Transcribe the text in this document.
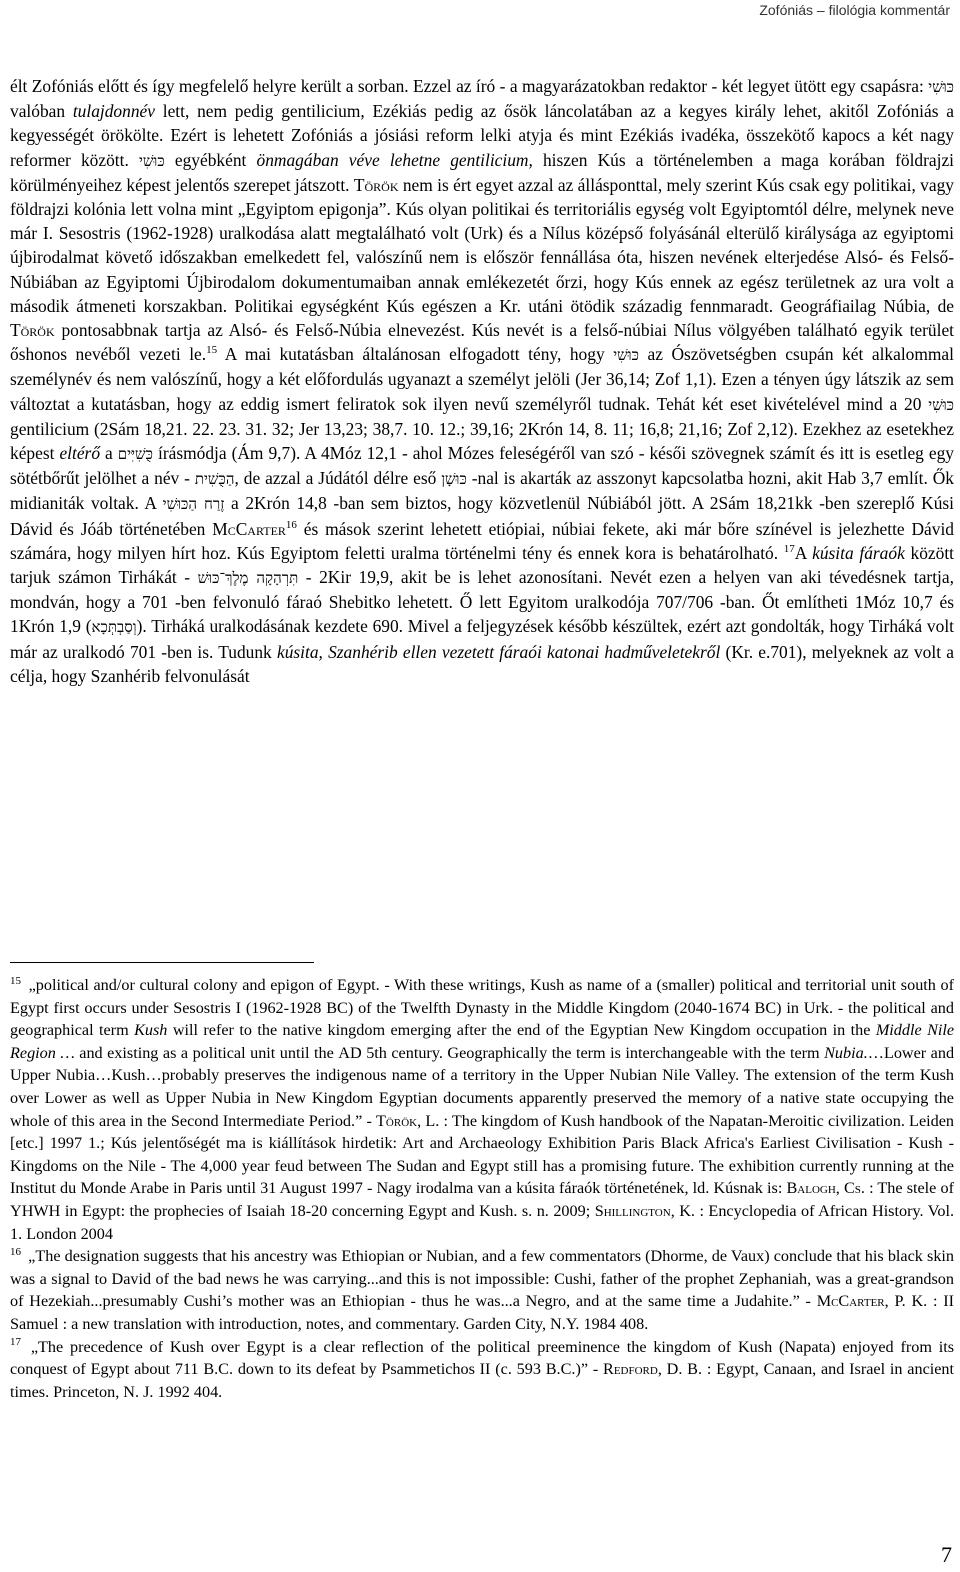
Zofóniás – filológia kommentár

élt Zofóniás előtt és így megfelelő helyre került a sorban. Ezzel az író - a magyarázatokban redaktor - két legyet ütött egy csapásra: כּוּשִׁי valóban tulajdonnév lett, nem pedig gentilicium, Ezékiás pedig az ősök láncolatában az a kegyes király lehet, akitől Zofóniás a kegyességét örökölte. Ezért is lehetett Zofóniás a jósiási reform lelki atyja és mint Ezékiás ivadéka, összekötő kapocs a két nagy reformer között. כּוּשִׁי egyébként önmagában véve lehetne gentilicium, hiszen Kús a történelemben a maga korában földrajzi körülményeihez képest jelentős szerepet játszott. Török nem is ért egyet azzal az állásponttal, mely szerint Kús csak egy politikai, vagy földrajzi kolónia lett volna mint „Egyiptom epigonja”. Kús olyan politikai és territoriális egység volt Egyiptomtól délre, melynek neve már I. Sesostris (1962-1928) uralkodása alatt megtalálható volt (Urk) és a Nílus középső folyásánál elterülő királysága az egyiptomi újbirodalmat követő időszakban emelkedett fel, valószínű nem is először fennállása óta, hiszen nevének elterjedése Alsó- és Felső-Núbiában az Egyiptomi Újbirodalom dokumentumaiban annak emlékezetét őrzi, hogy Kús ennek az egész területnek az ura volt a második átmeneti korszakban. Politikai egységként Kús egészen a Kr. utáni ötödik századig fennmaradt. Geográfiailag Núbia, de Török pontosabbnak tartja az Alsó- és Felső-Núbia elnevezést. Kús nevét is a felső-núbiai Nílus völgyében található egyik terület őshonos nevéből vezeti le.$^{15}$ A mai kutatásban általánosan elfogadott tény, hogy כּוּשִׁי az Ószövetségben csupán két alkalommal személynév és nem valószínű, hogy a két előfordulás ugyanazt a személyt jelöli (Jer 36,14; Zof 1,1). Ezen a tényen úgy látszik az sem változtat a kutatásban, hogy az eddig ismert feliratok sok ilyen nevű személyről tudnak. Tehát két eset kivételével mind a 20 כּוּשִׁי gentilicium (2Sám 18,21. 22. 23. 31. 32; Jer 13,23; 38,7. 10. 12.; 39,16; 2Krón 14, 8. 11; 16,8; 21,16; Zof 2,12). Ezekhez az esetekhez képest eltérő a כֻּשִׁיִּים írásmódja (Ám 9,7). A 4Móz 12,1 - ahol Mózes feleségéről van szó - késői szövegnek számít és itt is esetleg egy sötétbőrűt jelölhet a név - הַכֻּשִׁית, de azzal a Júdától délre eső כּוּשָׁן -nal is akarták az asszonyt kapcsolatba hozni, akit Hab 3,7 említ. Ők midianiták voltak. A זֶרַח הַכּוּשִׁי a 2Krón 14,8 -ban sem biztos, hogy közvetlenül Núbiából jött. A 2Sám 18,21kk -ben szereplő Kúsi Dávid és Jóáb történetében McCarter$^{16}$ és mások szerint lehetett etiópiai, núbiai fekete, aki már bőre színével is jelezhette Dávid számára, hogy milyen hírt hoz. Kús Egyiptom feletti uralma történelmi tény és ennek kora is behatárolható. $^{17}$A kúsita fáraók között tarjuk számon Tirhákát - תִּרְהָקָה מֶלֶךְ־כּוּשׁ - 2Kir 19,9, akit be is lehet azonosítani. Nevét ezen a helyen van aki tévedésnek tartja, mondván, hogy a 701 -ben felvonuló fáraó Shebitko lehetett. Ő lett Egyitom uralkodója 707/706 -ban. Őt említheti 1Móz 10,7 és 1Krón 1,9 (וְסַבְתְּכָא). Tirháká uralkodásának kezdete 690. Mivel a feljegyzések később készültek, ezért azt gondolták, hogy Tirháká volt már az uralkodó 701 -ben is. Tudunk kúsita, Szanhérib ellen vezetett fáraói katonai hadműveletekről (Kr. e.701), melyeknek az volt a célja, hogy Szanhérib felvonulását

$^{15}$ „political and/or cultural colony and epigon of Egypt. - With these writings, Kush as name of a (smaller) political and territorial unit south of Egypt first occurs under Sesostris I (1962-1928 BC) of the Twelfth Dynasty in the Middle Kingdom (2040-1674 BC) in Urk. - the political and geographical term Kush will refer to the native kingdom emerging after the end of the Egyptian New Kingdom occupation in the Middle Nile Region … and existing as a political unit until the AD 5th century. Geographically the term is interchangeable with the term Nubia.…Lower and Upper Nubia…Kush…probably preserves the indigenous name of a territory in the Upper Nubian Nile Valley. The extension of the term Kush over Lower as well as Upper Nubia in New Kingdom Egyptian documents apparently preserved the memory of a native state occupying the whole of this area in the Second Intermediate Period.” - Török, L. : The kingdom of Kush handbook of the Napatan-Meroitic civilization. Leiden [etc.] 1997 1.; Kús jelentőségét ma is kiállítások hirdetik: Art and Archaeology Exhibition Paris Black Africa's Earliest Civilisation - Kush - Kingdoms on the Nile - The 4,000 year feud between The Sudan and Egypt still has a promising future. The exhibition currently running at the Institut du Monde Arabe in Paris until 31 August 1997 - Nagy irodalma van a kúsita fáraók történetének, ld. Kúsnak is: Balogh, Cs. : The stele of YHWH in Egypt: the prophecies of Isaiah 18-20 concerning Egypt and Kush. s. n. 2009; Shillington, K. : Encyclopedia of African History. Vol. 1. London 2004

$^{16}$ „The designation suggests that his ancestry was Ethiopian or Nubian, and a few commentators (Dhorme, de Vaux) conclude that his black skin was a signal to David of the bad news he was carrying...and this is not impossible: Cushi, father of the prophet Zephaniah, was a great-grandson of Hezekiah...presumably Cushi’s mother was an Ethiopian - thus he was...a Negro, and at the same time a Judahite.” - McCarter, P. K. : II Samuel : a new translation with introduction, notes, and commentary. Garden City, N.Y. 1984 408.

$^{17}$ „The precedence of Kush over Egypt is a clear reflection of the political preeminence the kingdom of Kush (Napata) enjoyed from its conquest of Egypt about 711 B.C. down to its defeat by Psammetichos II (c. 593 B.C.)” - Redford, D. B. : Egypt, Canaan, and Israel in ancient times. Princeton, N. J. 1992 404.

7
